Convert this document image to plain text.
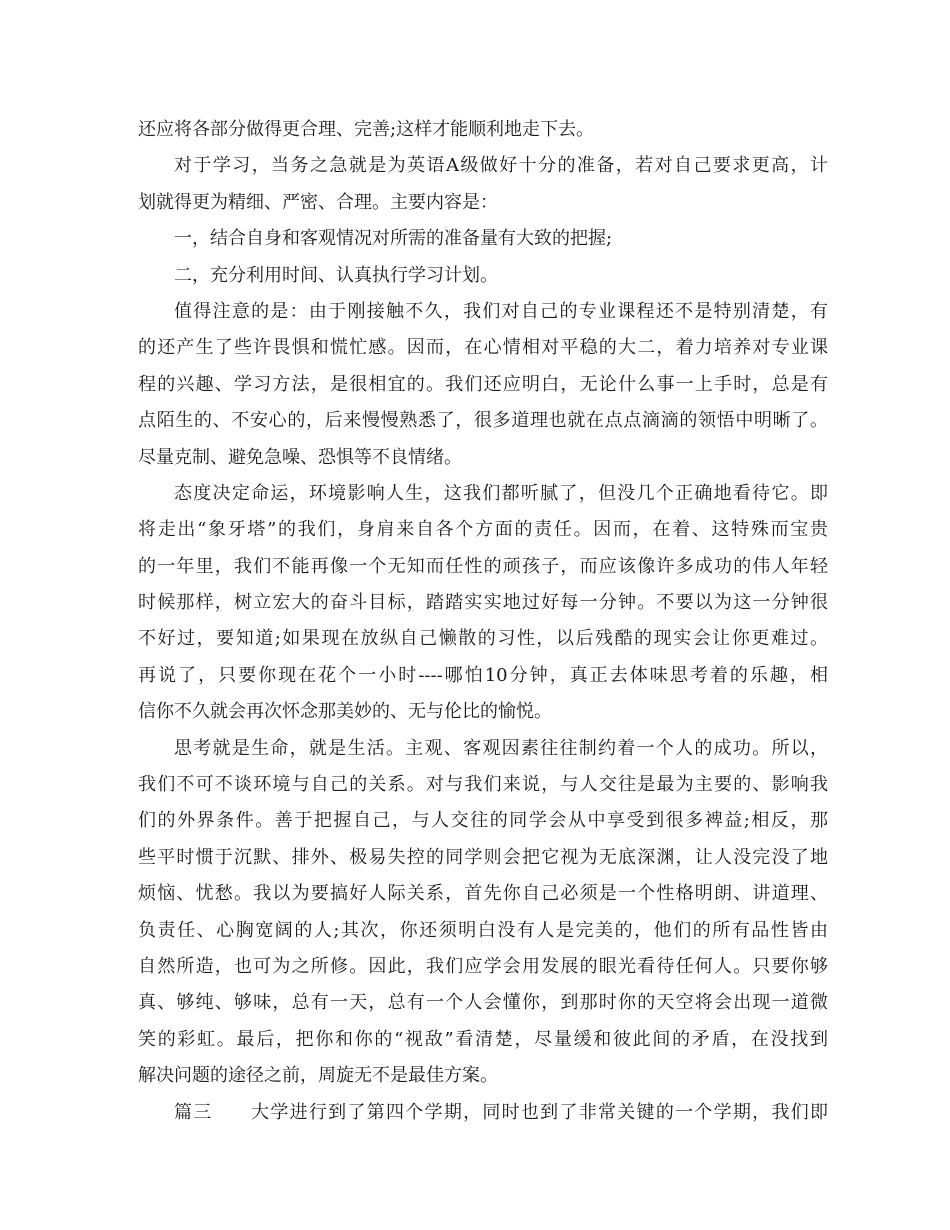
还应将各部分做得更合理、完善;这样才能顺利地走下去。
对于学习，当务之急就是为英语A级做好十分的准备，若对自己要求更高，计
划就得更为精细、严密、合理。主要内容是：
一，结合自身和客观情况对所需的准备量有大致的把握;
二，充分利用时间、认真执行学习计划。
值得注意的是：由于刚接触不久，我们对自己的专业课程还不是特别清楚，有
的还产生了些许畏惧和慌忙感。因而，在心情相对平稳的大二，着力培养对专业课
程的兴趣、学习方法，是很相宜的。我们还应明白，无论什么事一上手时，总是有
点陌生的、不安心的，后来慢慢熟悉了，很多道理也就在点点滴滴的领悟中明晰了。
尽量克制、避免急噪、恐惧等不良情绪。
态度决定命运，环境影响人生，这我们都听腻了，但没几个正确地看待它。即
将走出“象牙塔”的我们，身肩来自各个方面的责任。因而，在着、这特殊而宝贵
的一年里，我们不能再像一个无知而任性的顽孩子，而应该像许多成功的伟人年轻
时候那样，树立宏大的奋斗目标，踏踏实实地过好每一分钟。不要以为这一分钟很
不好过，要知道;如果现在放纵自己懒散的习性，以后残酷的现实会让你更难过。
再说了，只要你现在花个一小时----哪怕10分钟，真正去体味思考着的乐趣，相
信你不久就会再次怀念那美妙的、无与伦比的愉悦。
思考就是生命，就是生活。主观、客观因素往往制约着一个人的成功。所以，
我们不可不谈环境与自己的关系。对与我们来说，与人交往是最为主要的、影响我
们的外界条件。善于把握自己，与人交往的同学会从中享受到很多裨益;相反，那
些平时惯于沉默、排外、极易失控的同学则会把它视为无底深渊，让人没完没了地
烦恼、忧愁。我以为要搞好人际关系，首先你自己必须是一个性格明朗、讲道理、
负责任、心胸宽阔的人;其次，你还须明白没有人是完美的，他们的所有品性皆由
自然所造，也可为之所修。因此，我们应学会用发展的眼光看待任何人。只要你够
真、够纯、够味，总有一天，总有一个人会懂你，到那时你的天空将会出现一道微
笑的彩虹。最后，把你和你的“视敌”看清楚，尽量缓和彼此间的矛盾，在没找到
解决问题的途径之前，周旋无不是最佳方案。
篇三　　大学进行到了第四个学期，同时也到了非常关键的一个学期，我们即
